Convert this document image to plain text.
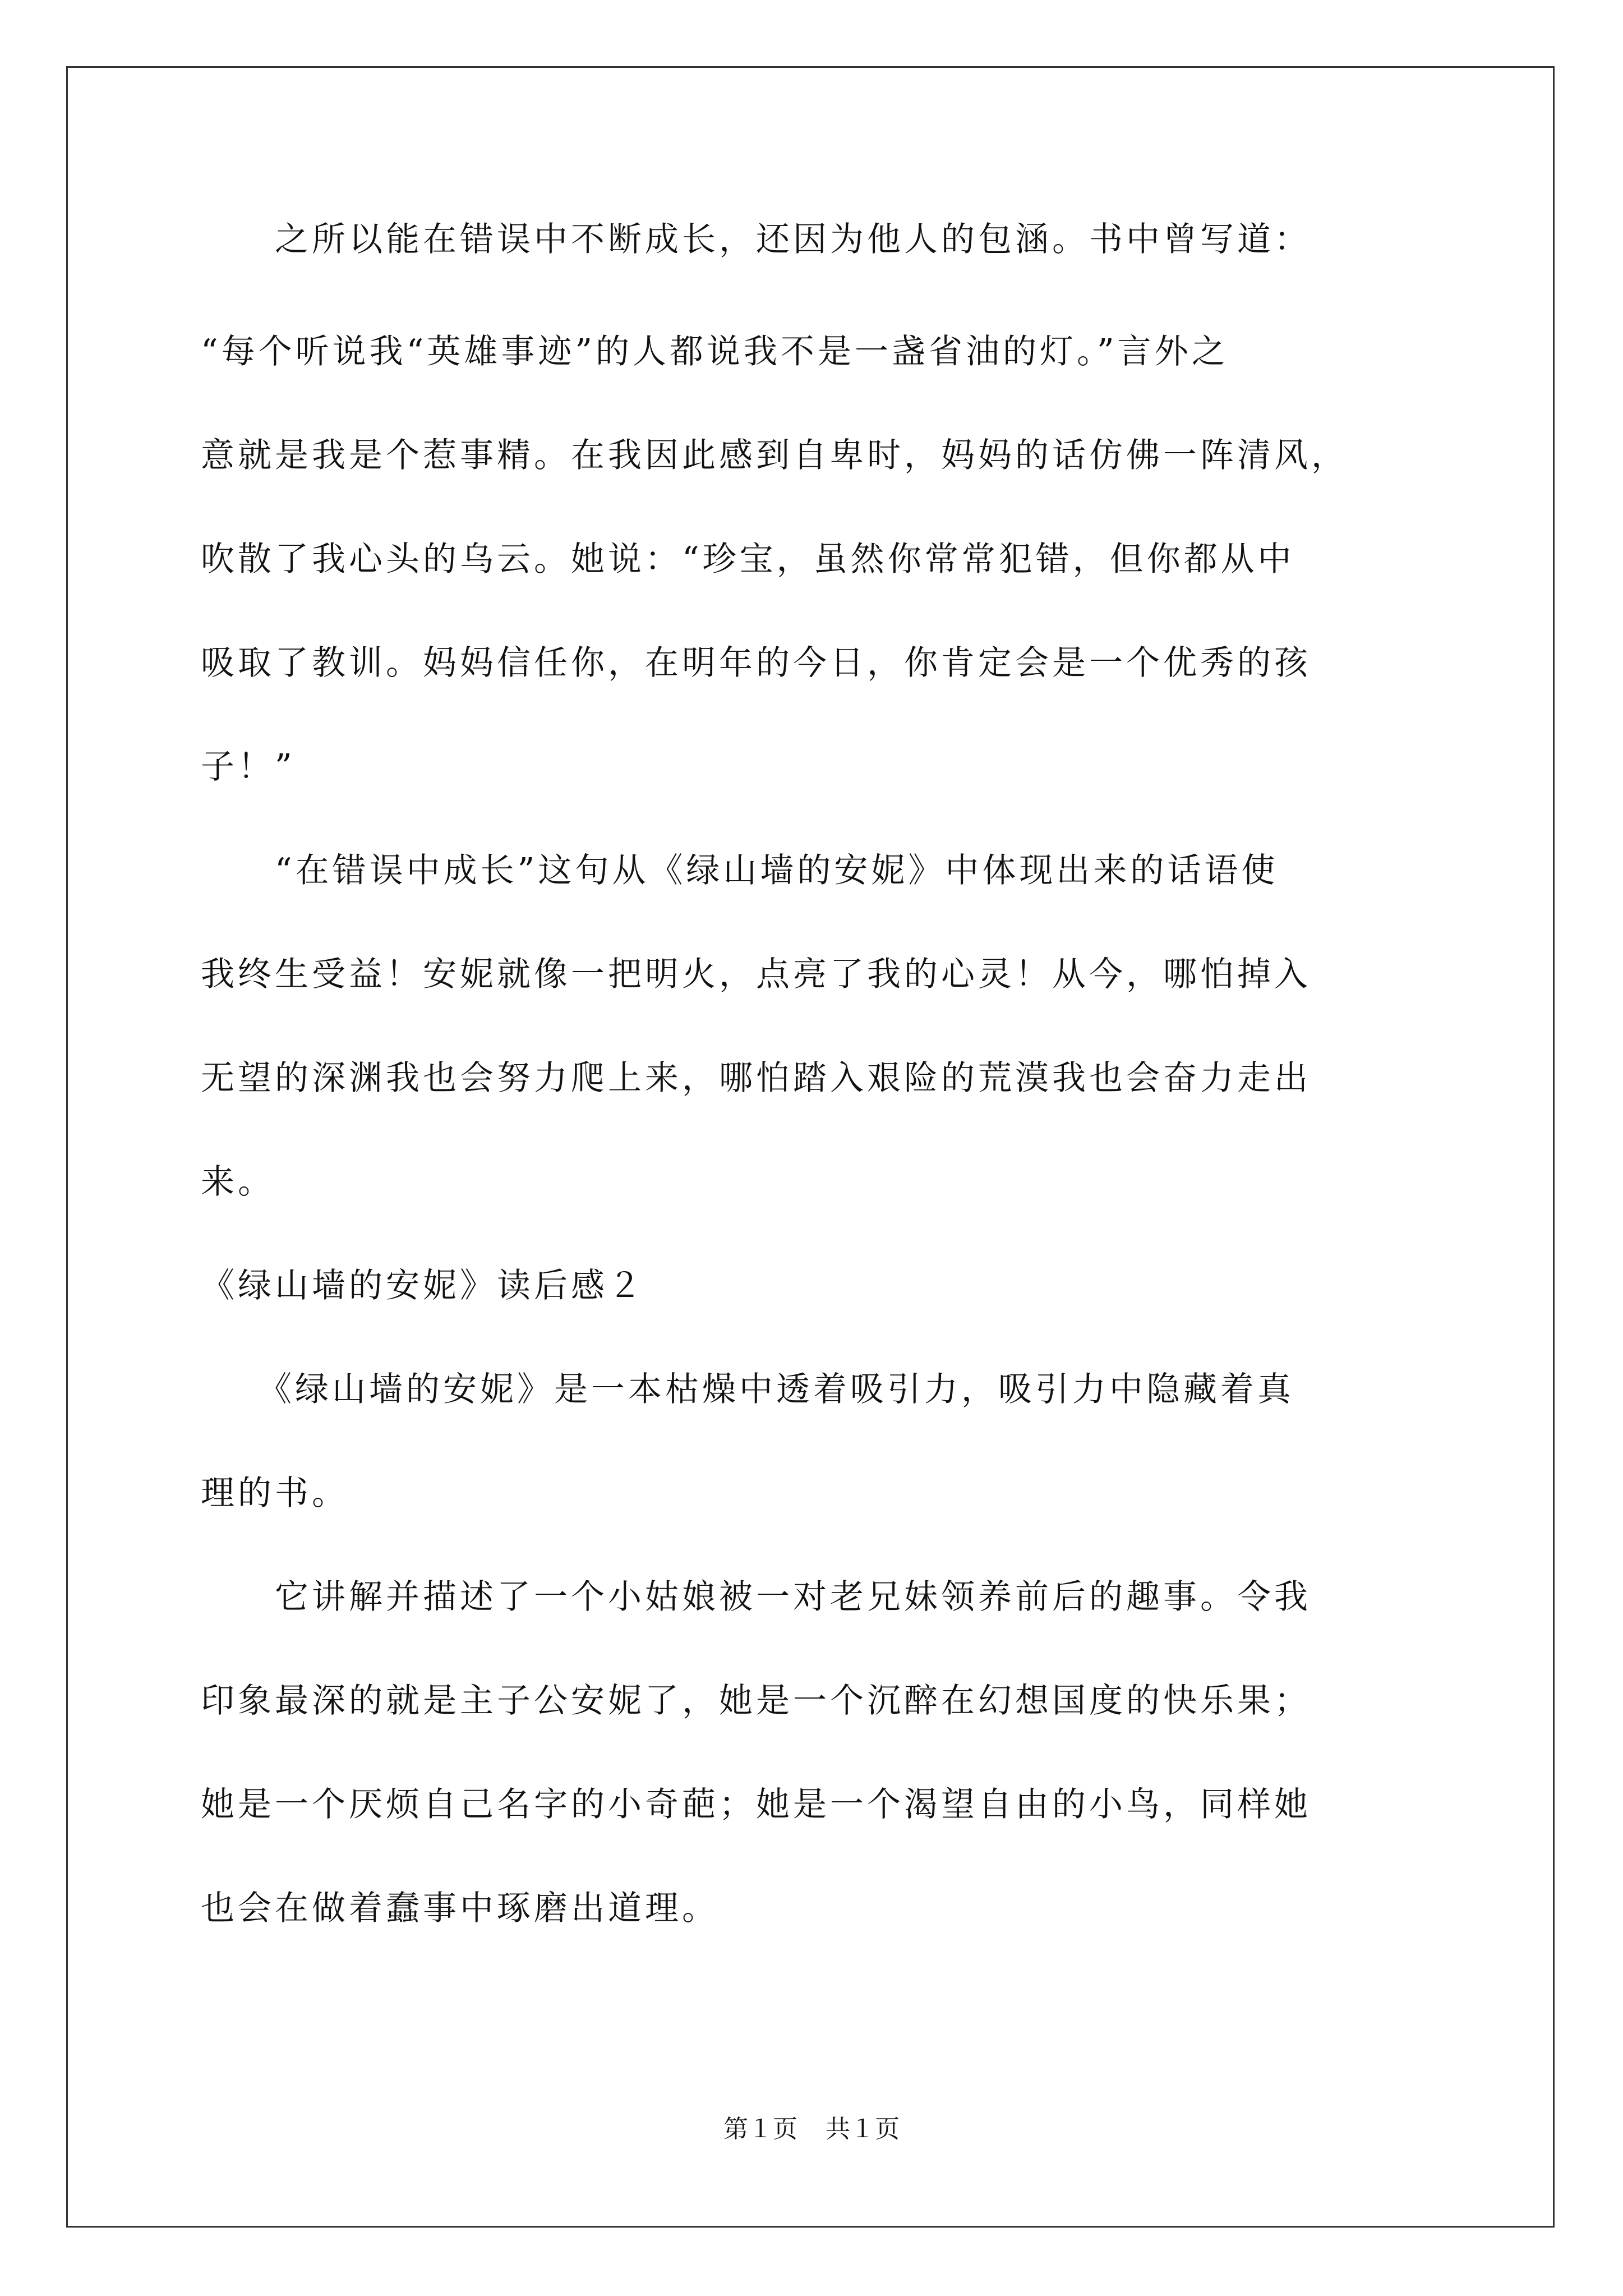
　　之所以能在错误中不断成长，还因为他人的包涵。书中曾写道：
“每个听说我“英雄事迹”的人都说我不是一盏省油的灯。”言外之
意就是我是个惹事精。在我因此感到自卑时，妈妈的话仿佛一阵清风，
吹散了我心头的乌云。她说：“珍宝，虽然你常常犯错，但你都从中
吸取了教训。妈妈信任你，在明年的今日，你肯定会是一个优秀的孩
子！”
　　“在错误中成长”这句从《绿山墙的安妮》中体现出来的话语使
我终生受益！安妮就像一把明火，点亮了我的心灵！从今，哪怕掉入
无望的深渊我也会努力爬上来，哪怕踏入艰险的荒漠我也会奋力走出
来。
《绿山墙的安妮》读后感２
　　《绿山墙的安妮》是一本枯燥中透着吸引力，吸引力中隐藏着真
理的书。
　　它讲解并描述了一个小姑娘被一对老兄妹领养前后的趣事。令我
印象最深的就是主子公安妮了，她是一个沉醉在幻想国度的快乐果；
她是一个厌烦自己名字的小奇葩；她是一个渴望自由的小鸟，同样她
也会在做着蠢事中琢磨出道理。
第１页 共１页
